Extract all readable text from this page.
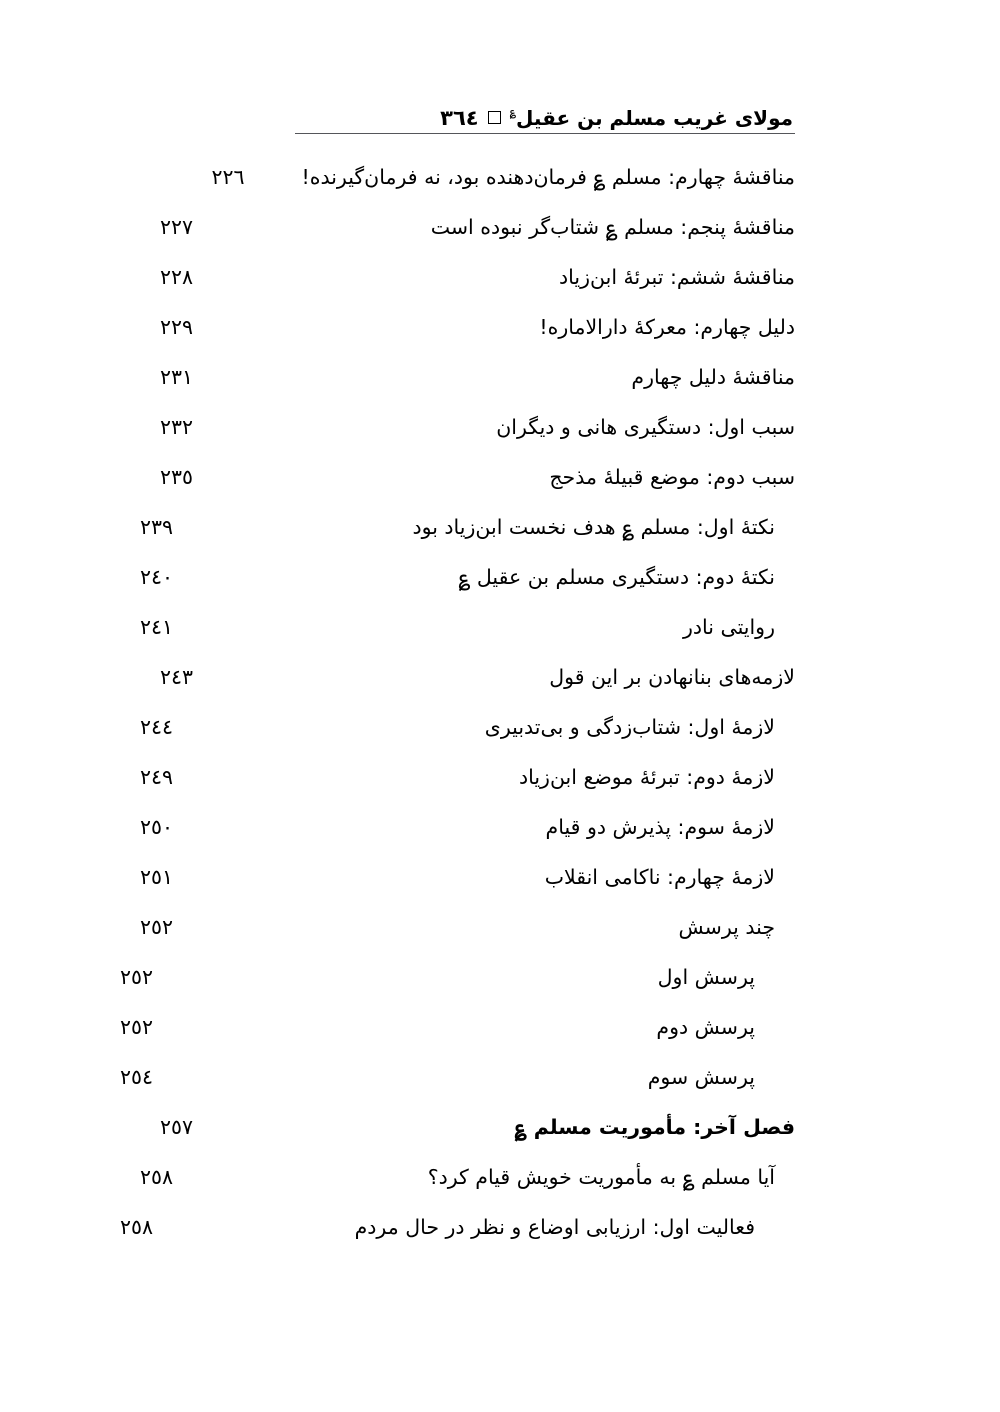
مولای غریب مسلم بن عقیل؏
٣٦٤
مناقشهٔ چهارم: مسلم ؏ فرمان‌دهنده بود، نه فرمان‌گیرنده!
.....
٢٢٦
مناقشهٔ پنجم: مسلم ؏ شتاب‌گر نبوده است
.....
٢٢٧
مناقشهٔ ششم: تبرئهٔ ابن‌زیاد
.....
٢٢٨
دلیل چهارم: معرکهٔ دارالاماره!
.....
٢٢٩
مناقشهٔ دلیل چهارم
.....
٢٣١
سبب اول: دستگیری هانی و دیگران
.....
٢٣٢
سبب دوم: موضع قبیلهٔ مذحج
.....
٢٣٥
نکتهٔ اول: مسلم ؏ هدف نخست ابن‌زیاد بود
.....
٢٣٩
نکتهٔ دوم: دستگیری مسلم بن عقیل ؏
.....
٢٤٠
روایتی نادر
.....
٢٤١
لازمه‌های بنانهادن بر این قول
.....
٢٤٣
لازمهٔ اول: شتاب‌زدگی و بی‌تدبیری
.....
٢٤٤
لازمهٔ دوم: تبرئهٔ موضع ابن‌زیاد
.....
٢٤٩
لازمهٔ سوم: پذیرش دو قیام
.....
٢٥٠
لازمهٔ چهارم: ناکامی انقلاب
.....
٢٥١
چند پرسش
.....
٢٥٢
پرسش اول
.....
٢٥٢
پرسش دوم
.....
٢٥٢
پرسش سوم
.....
٢٥٤
فصل آخر: مأموریت مسلم ؏
.....
٢٥٧
آیا مسلم ؏ به مأموریت خویش قیام کرد؟
.....
٢٥٨
فعالیت اول: ارزیابی اوضاع و نظر در حال مردم
.....
٢٥٨
